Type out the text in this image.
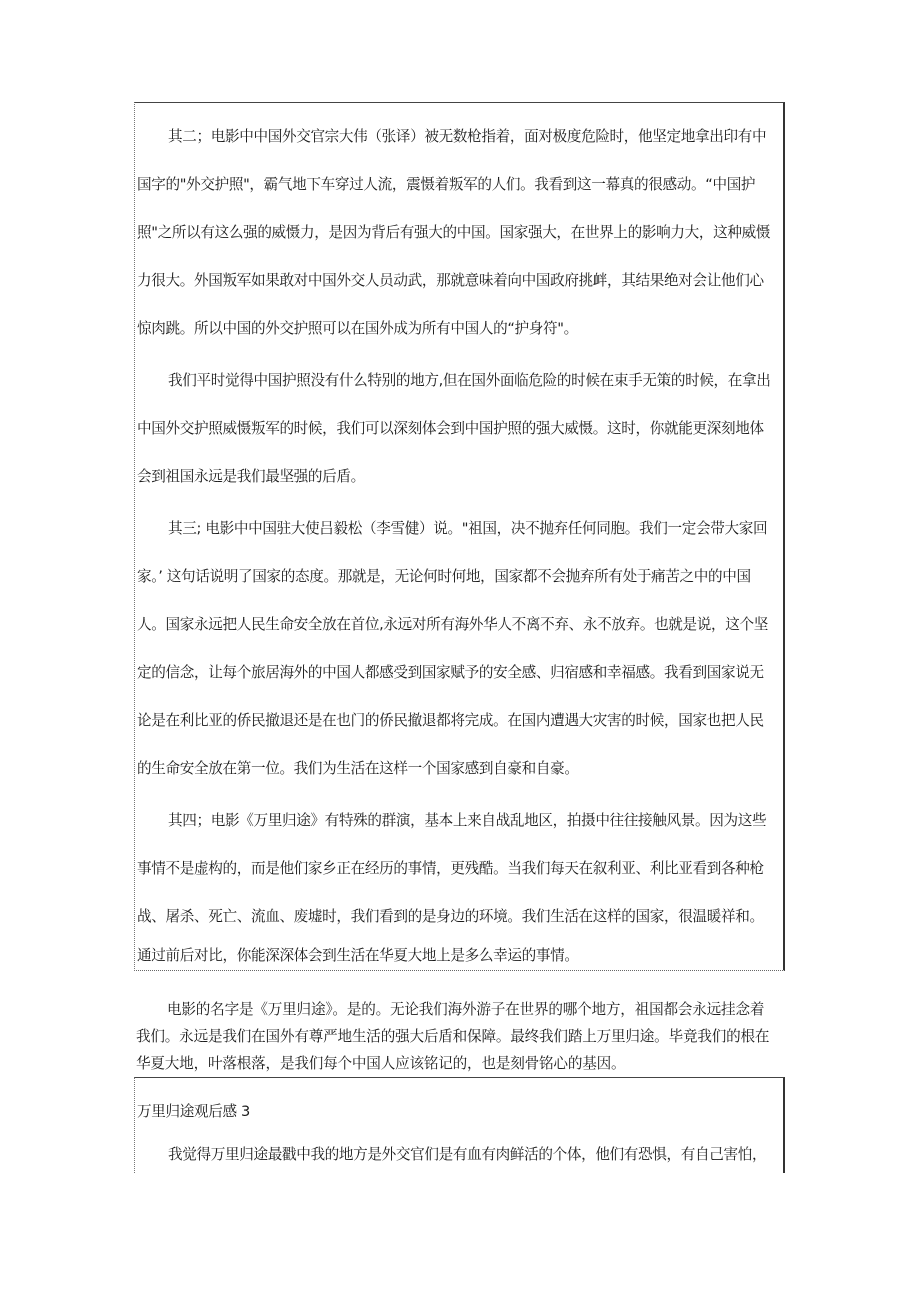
其二；电影中中国外交官宗大伟（张译）被无数枪指着，面对极度危险时，他坚定地拿出印有中
国字的"外交护照"，霸气地下车穿过人流，震慑着叛军的人们。我看到这一幕真的很感动。“中国护
照"之所以有这么强的威慑力，是因为背后有强大的中国。国家强大，在世界上的影响力大，这种威慑
力很大。外国叛军如果敢对中国外交人员动武，那就意味着向中国政府挑衅，其结果绝对会让他们心
惊肉跳。所以中国的外交护照可以在国外成为所有中国人的“护身符"。
我们平时觉得中国护照没有什么特别的地方,但在国外面临危险的时候在束手无策的时候，在拿出
中国外交护照威慑叛军的时候，我们可以深刻体会到中国护照的强大威慑。这时，你就能更深刻地体
会到祖国永远是我们最坚强的后盾。
其三; 电影中中国驻大使吕毅松（李雪健）说。"祖国，决不抛弃任何同胞。我们一定会带大家回
家。’ 这句话说明了国家的态度。那就是，无论何时何地，国家都不会抛弃所有处于痛苦之中的中国
人。国家永远把人民生命安全放在首位,永远对所有海外华人不离不弃、永不放弃。也就是说，这个坚
定的信念，让每个旅居海外的中国人都感受到国家赋予的安全感、归宿感和幸福感。我看到国家说无
论是在利比亚的侨民撤退还是在也门的侨民撤退都将完成。在国内遭遇大灾害的时候，国家也把人民
的生命安全放在第一位。我们为生活在这样一个国家感到自豪和自豪。
其四；电影《万里归途》有特殊的群演，基本上来自战乱地区，拍摄中往往接触风景。因为这些
事情不是虚构的，而是他们家乡正在经历的事情，更残酷。当我们每天在叙利亚、利比亚看到各种枪
战、屠杀、死亡、流血、废墟时，我们看到的是身边的环境。我们生活在这样的国家，很温暖祥和。
通过前后对比，你能深深体会到生活在华夏大地上是多么幸运的事情。
电影的名字是《万里归途》。是的。无论我们海外游子在世界的哪个地方，祖国都会永远挂念着
我们。永远是我们在国外有尊严地生活的强大后盾和保障。最终我们踏上万里归途。毕竟我们的根在
华夏大地，叶落根落，是我们每个中国人应该铭记的，也是刻骨铭心的基因。
万里归途观后感 3
我觉得万里归途最戳中我的地方是外交官们是有血有肉鲜活的个体，他们有恐惧，有自己害怕，
